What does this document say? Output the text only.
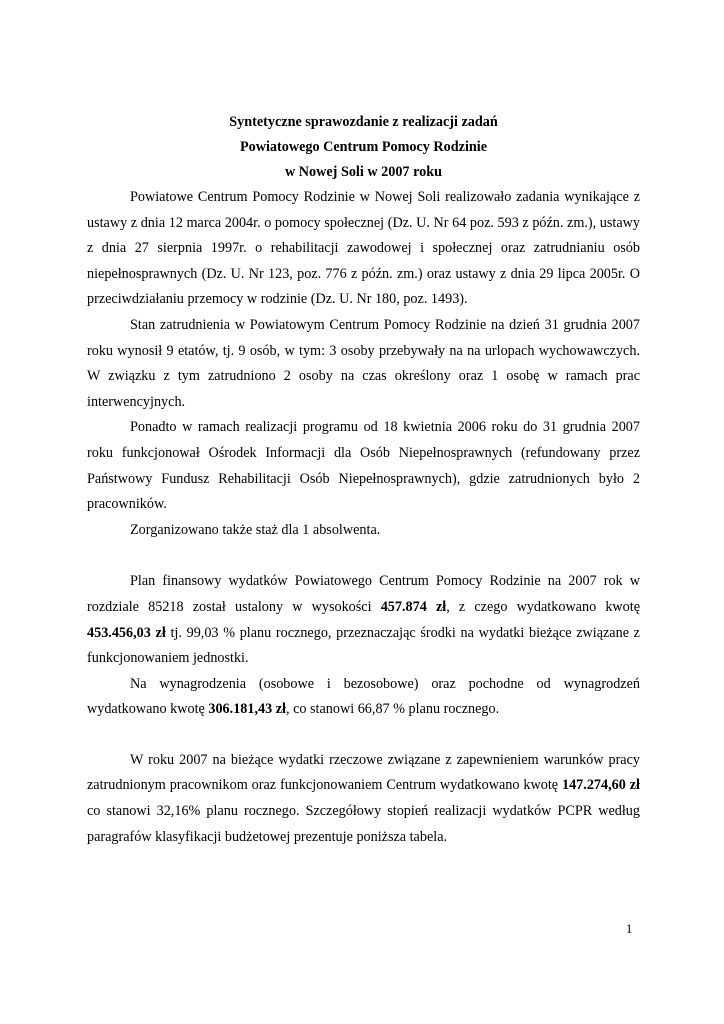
Syntetyczne sprawozdanie z realizacji zadań
Powiatowego Centrum Pomocy Rodzinie
w Nowej Soli w 2007 roku

Powiatowe Centrum Pomocy Rodzinie w Nowej Soli realizowało zadania wynikające z ustawy z dnia 12 marca 2004r. o pomocy społecznej (Dz. U. Nr 64 poz. 593 z późn. zm.), ustawy z dnia 27 sierpnia 1997r. o rehabilitacji zawodowej i społecznej oraz zatrudnianiu osób niepełnosprawnych (Dz. U. Nr 123, poz. 776 z późn. zm.) oraz ustawy z dnia 29 lipca 2005r. O przeciwdziałaniu przemocy w rodzinie (Dz. U. Nr 180, poz. 1493).

Stan zatrudnienia w Powiatowym Centrum Pomocy Rodzinie na dzień 31 grudnia 2007 roku wynosił 9 etatów, tj. 9 osób, w tym: 3 osoby przebywały na na urlopach wychowawczych. W związku z tym zatrudniono 2 osoby na czas określony oraz 1 osobę w ramach prac interwencyjnych.

Ponadto w ramach realizacji programu od 18 kwietnia 2006 roku do 31 grudnia 2007 roku funkcjonował Ośrodek Informacji dla Osób Niepełnosprawnych (refundowany przez Państwowy Fundusz Rehabilitacji Osób Niepełnosprawnych), gdzie zatrudnionych było 2 pracowników.

Zorganizowano także staż dla 1 absolwenta.

Plan finansowy wydatków Powiatowego Centrum Pomocy Rodzinie na 2007 rok w rozdziale 85218 został ustalony w wysokości 457.874 zł, z czego wydatkowano kwotę 453.456,03 zł tj. 99,03 % planu rocznego, przeznaczając środki na wydatki bieżące związane z funkcjonowaniem jednostki.

Na wynagrodzenia (osobowe i bezosobowe) oraz pochodne od wynagrodzeń wydatkowano kwotę 306.181,43 zł, co stanowi 66,87 % planu rocznego.

W roku 2007 na bieżące wydatki rzeczowe związane z zapewnieniem warunków pracy zatrudnionym pracownikom oraz funkcjonowaniem Centrum wydatkowano kwotę 147.274,60 zł co stanowi 32,16% planu rocznego. Szczegółowy stopień realizacji wydatków PCPR według paragrafów klasyfikacji budżetowej prezentuje poniższa tabela.

1
